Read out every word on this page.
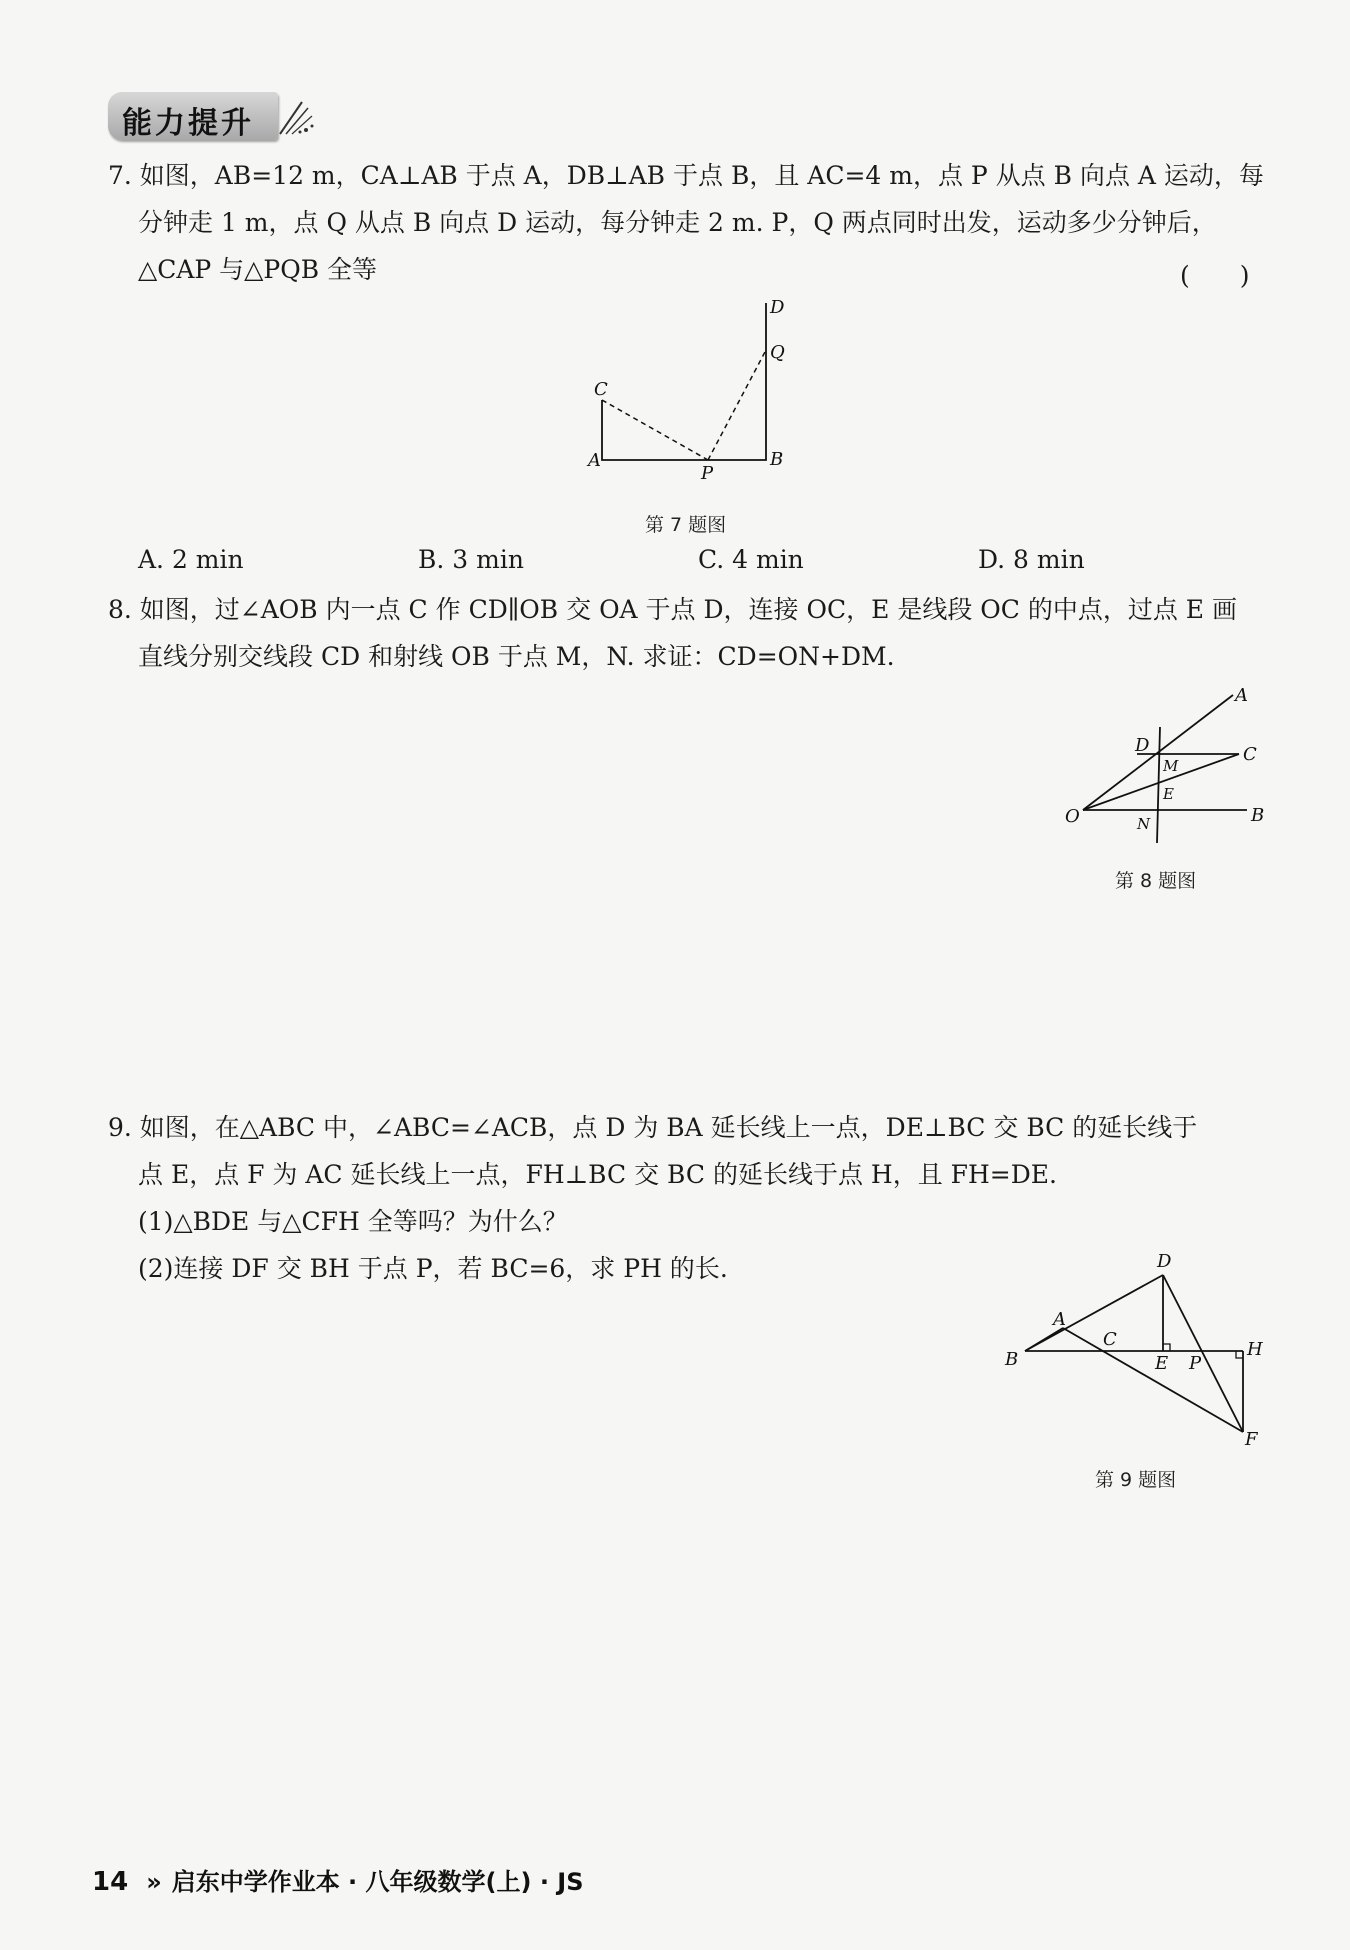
能力提升
7. 如图，AB=12 m，CA⊥AB 于点 A，DB⊥AB 于点 B，且 AC=4 m，点 P 从点 B 向点 A 运动，每
分钟走 1 m，点 Q 从点 B 向点 D 运动，每分钟走 2 m. P，Q 两点同时出发，运动多少分钟后，
△CAP 与△PQB 全等	(　　)
A	B
C
D
P
Q
第 7 题图
A. 2 min	B. 3 min	C. 4 min	D. 8 min
8. 如图，过∠AOB 内一点 C 作 CD∥OB 交 OA 于点 D，连接 OC，E 是线段 OC 的中点，过点 E 画
直线分别交线段 CD 和射线 OB 于点 M，N. 求证：CD=ON+DM.
O	B
A
C
D
M
E
N
第 8 题图
9. 如图，在△ABC 中，∠ABC=∠ACB，点 D 为 BA 延长线上一点，DE⊥BC 交 BC 的延长线于
点 E，点 F 为 AC 延长线上一点，FH⊥BC 交 BC 的延长线于点 H，且 FH=DE.
(1)△BDE 与△CFH 全等吗？为什么？
(2)连接 DF 交 BH 于点 P，若 BC=6，求 PH 的长.
B
A
C
D
E P
H
F
第 9 题图
14 » 启东中学作业本 · 八年级数学(上) · JS
